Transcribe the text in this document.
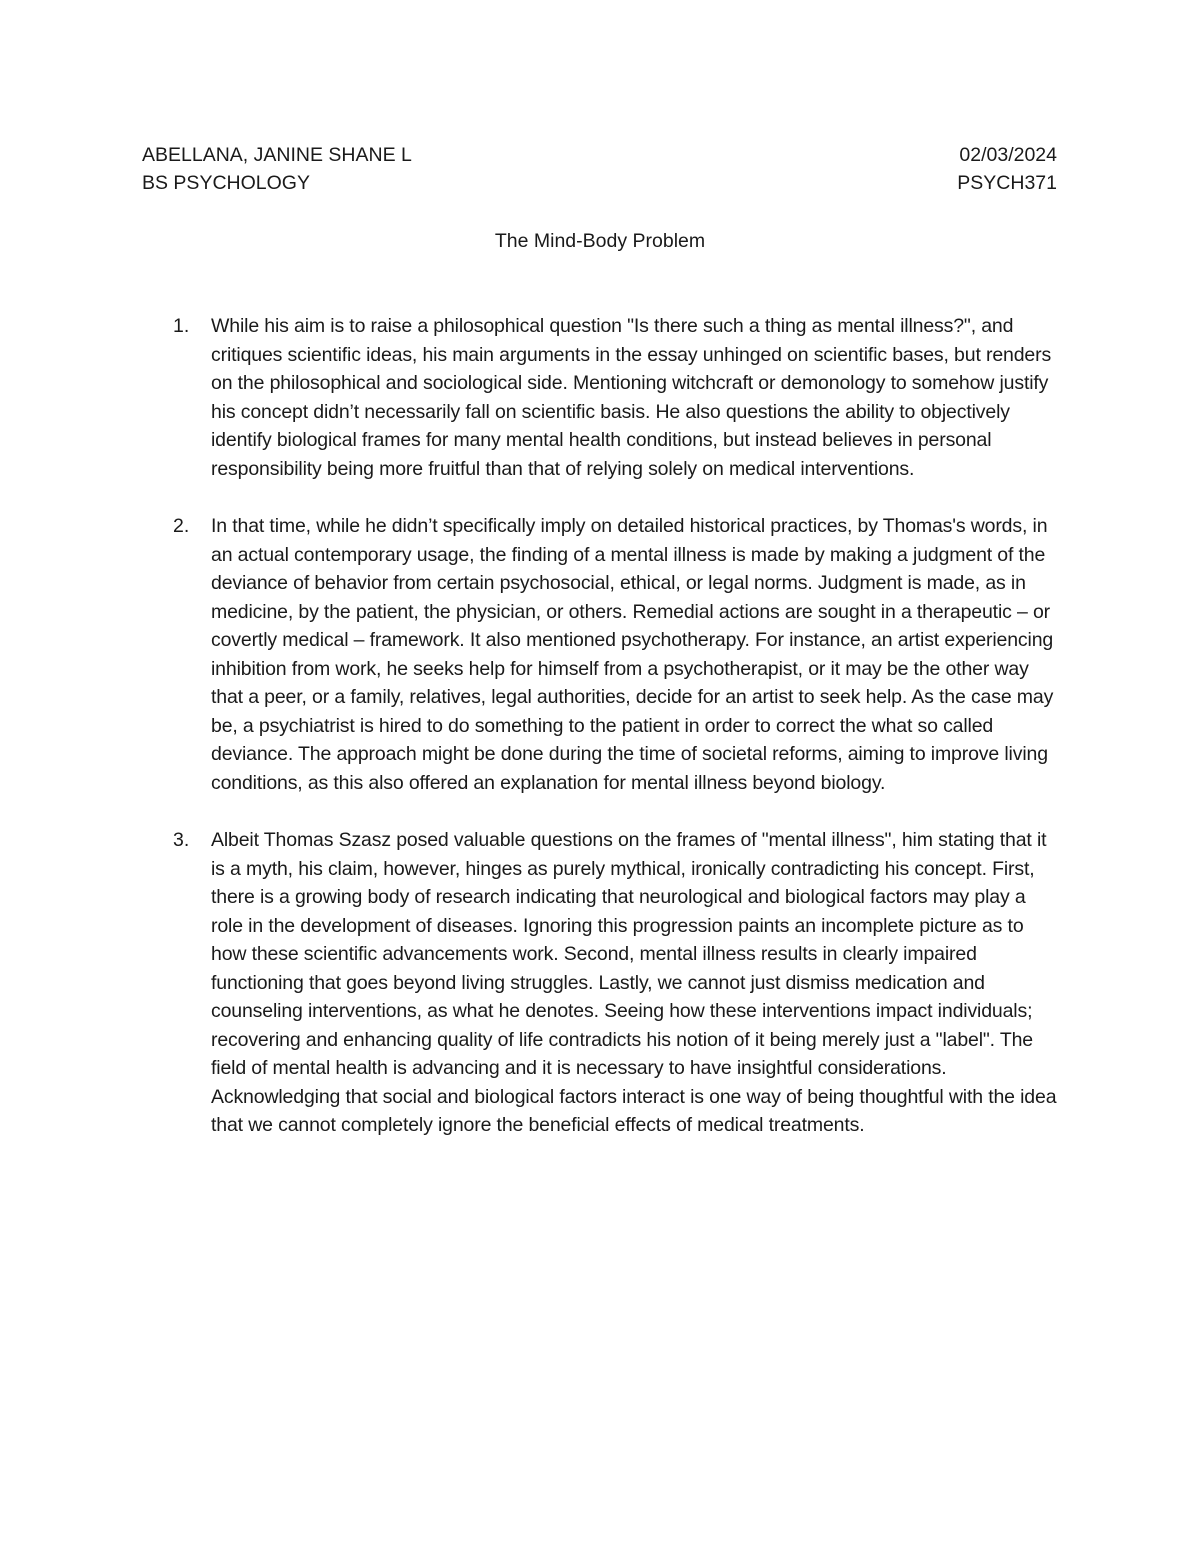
ABELLANA, JANINE SHANE L	02/03/2024
BS PSYCHOLOGY	PSYCH371
The Mind-Body Problem
1. While his aim is to raise a philosophical question "Is there such a thing as mental illness?", and critiques scientific ideas, his main arguments in the essay unhinged on scientific bases, but renders on the philosophical and sociological side. Mentioning witchcraft or demonology to somehow justify his concept didn’t necessarily fall on scientific basis. He also questions the ability to objectively identify biological frames for many mental health conditions, but instead believes in personal responsibility being more fruitful than that of relying solely on medical interventions.

2. In that time, while he didn’t specifically imply on detailed historical practices, by Thomas's words, in an actual contemporary usage, the finding of a mental illness is made by making a judgment of the deviance of behavior from certain psychosocial, ethical, or legal norms. Judgment is made, as in medicine, by the patient, the physician, or others. Remedial actions are sought in a therapeutic – or covertly medical – framework. It also mentioned psychotherapy. For instance, an artist experiencing inhibition from work, he seeks help for himself from a psychotherapist, or it may be the other way that a peer, or a family, relatives, legal authorities, decide for an artist to seek help. As the case may be, a psychiatrist is hired to do something to the patient in order to correct the what so called deviance. The approach might be done during the time of societal reforms, aiming to improve living conditions, as this also offered an explanation for mental illness beyond biology.

3. Albeit Thomas Szasz posed valuable questions on the frames of "mental illness", him stating that it is a myth, his claim, however, hinges as purely mythical, ironically contradicting his concept. First, there is a growing body of research indicating that neurological and biological factors may play a role in the development of diseases. Ignoring this progression paints an incomplete picture as to how these scientific advancements work. Second, mental illness results in clearly impaired functioning that goes beyond living struggles. Lastly, we cannot just dismiss medication and counseling interventions, as what he denotes. Seeing how these interventions impact individuals; recovering and enhancing quality of life contradicts his notion of it being merely just a "label". The field of mental health is advancing and it is necessary to have insightful considerations. Acknowledging that social and biological factors interact is one way of being thoughtful with the idea that we cannot completely ignore the beneficial effects of medical treatments.
